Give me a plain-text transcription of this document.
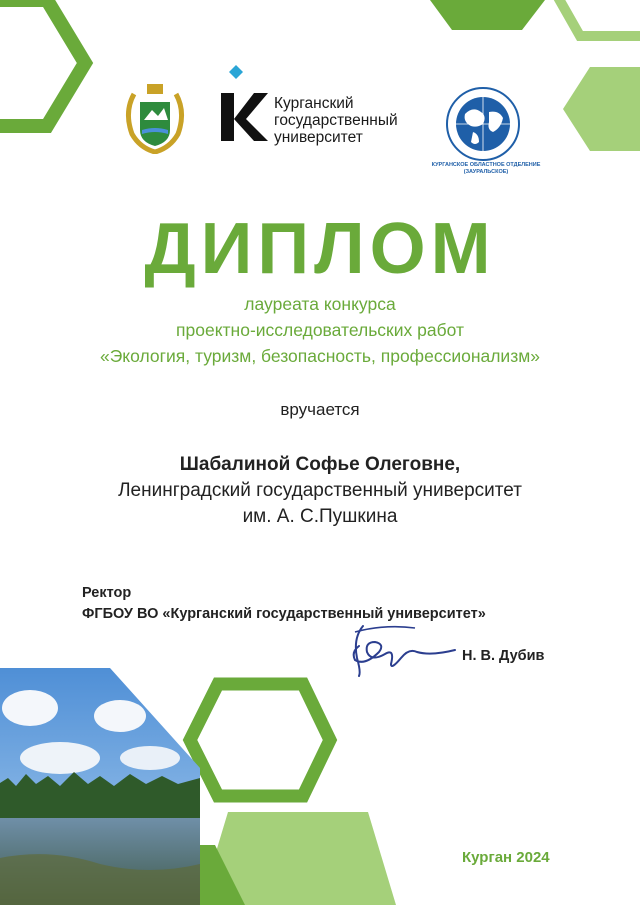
Курганский
государственный
университет
КУРГАНСКОЕ ОБЛАСТНОЕ ОТДЕЛЕНИЕ
(ЗАУРАЛЬСКОЕ)
ДИПЛОМ
лауреата конкурса
проектно-исследовательских работ
«Экология, туризм, безопасность, профессионализм»
вручается
Шабалиной Софье Олеговне,
Ленинградский государственный университет
им. А. С.Пушкина
Ректор
ФГБОУ ВО «Курганский государственный университет»
Н. В. Дубив
Курган 2024
